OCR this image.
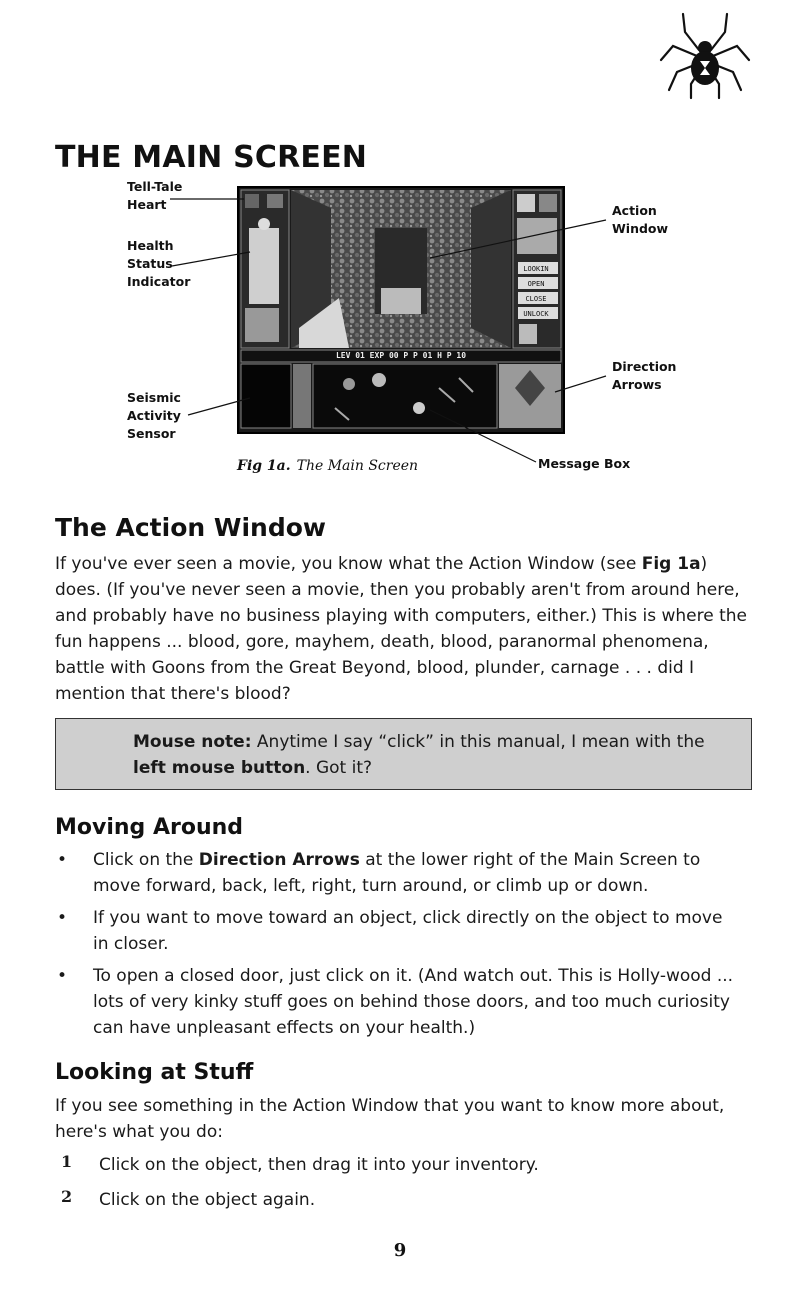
THE MAIN SCREEN
Tell-Tale
Heart
Health
Status
Indicator
Seismic
Activity
Sensor
Action
Window
Direction
Arrows
Message Box
LEV 01 EXP 00 P P 01 H P 10
LOOKIN
OPEN
CLOSE
UNLOCK
Fig 1a. The Main Screen
The Action Window

If you've ever seen a movie, you know what the Action Window (see Fig 1a) does. (If you've never seen a movie, then you probably aren't from around here, and probably have no business playing with computers, either.) This is where the fun happens ... blood, gore, mayhem, death, blood, paranormal phenomena, battle with Goons from the Great Beyond, blood, plunder, carnage . . . did I mention that there's blood?

Mouse note: Anytime I say “click” in this manual, I mean with the left mouse button. Got it?
Moving Around
• Click on the Direction Arrows at the lower right of the Main Screen to move forward, back, left, right, turn around, or climb up or down.
• If you want to move toward an object, click directly on the object to move in closer.
• To open a closed door, just click on it. (And watch out. This is Holly-wood ... lots of very kinky stuff goes on behind those doors, and too much curiosity can have unpleasant effects on your health.)
Looking at Stuff

If you see something in the Action Window that you want to know more about, here's what you do:

1 Click on the object, then drag it into your inventory.
2 Click on the object again.
9
